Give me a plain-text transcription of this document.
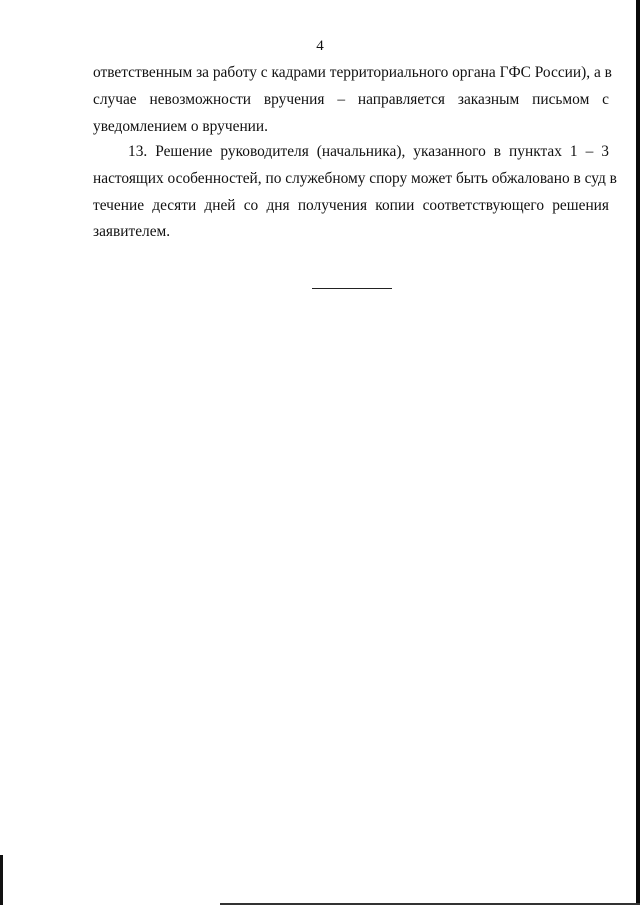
4
ответственным за работу с кадрами территориального органа ГФС России), а в
случае невозможности вручения – направляется заказным письмом с
уведомлением о вручении.
13. Решение руководителя (начальника), указанного в пунктах 1 – 3
настоящих особенностей, по служебному спору может быть обжаловано в суд в
течение десяти дней со дня получения копии соответствующего решения
заявителем.
